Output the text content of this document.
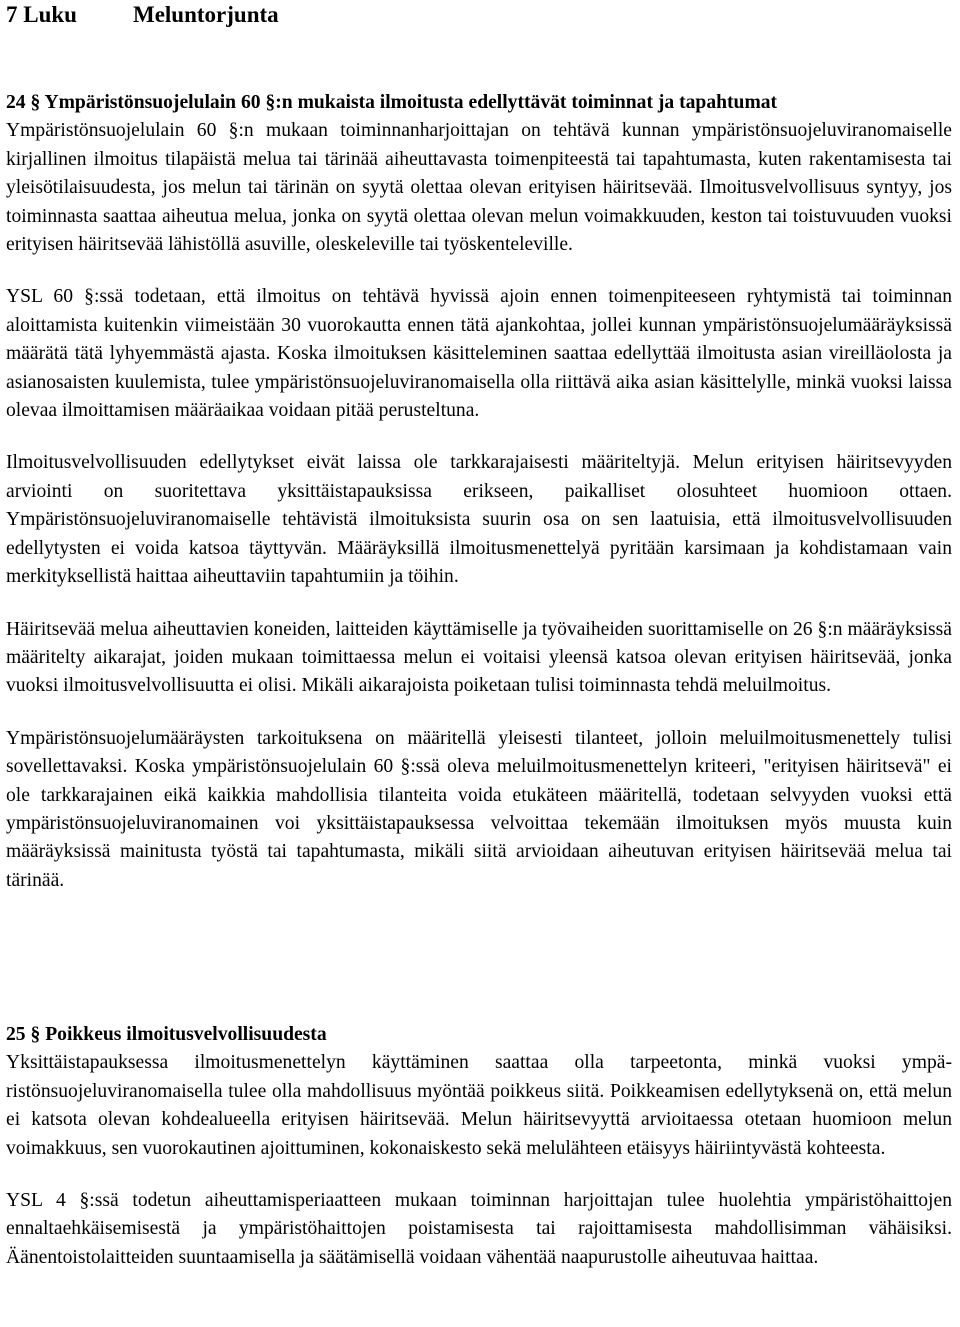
7 Luku Meluntorjunta
24 § Ympäristönsuojelulain 60 §:n mukaista ilmoitusta edellyttävät toiminnat ja tapahtumat

Ympäristönsuojelulain 60 §:n mukaan toiminnanharjoittajan on tehtävä kunnan ympäristönsuojeluviranomaiselle kirjallinen ilmoitus tilapäistä melua tai tärinää aiheuttavasta toimenpiteestä tai tapahtumasta, kuten rakentamisesta tai yleisötilaisuudesta, jos melun tai tärinän on syytä olettaa olevan erityisen häiritsevää. Ilmoitusvelvollisuus syntyy, jos toiminnasta saattaa aiheutua melua, jonka on syytä olettaa olevan melun voimakkuuden, keston tai toistuvuuden vuoksi erityisen häiritsevää lähistöllä asuville, oleskeleville tai työskenteleville.

YSL 60 §:ssä todetaan, että ilmoitus on tehtävä hyvissä ajoin ennen toimenpiteeseen ryhtymistä tai toiminnan aloittamista kuitenkin viimeistään 30 vuorokautta ennen tätä ajankohtaa, jollei kunnan ympäristönsuojelumääräyksissä määrätä tätä lyhyemmästä ajasta. Koska ilmoituksen käsitteleminen saattaa edellyttää ilmoitusta asian vireilläolosta ja asianosaisten kuulemista, tulee ympäristönsuojeluviranomaisella olla riittävä aika asian käsittelylle, minkä vuoksi laissa olevaa ilmoittamisen määräaikaa voidaan pitää perusteltuna.

Ilmoitusvelvollisuuden edellytykset eivät laissa ole tarkkarajaisesti määriteltyjä. Melun erityisen häiritsevyyden arviointi on suoritettava yksittäistapauksissa erikseen, paikalliset olosuhteet huomioon ottaen. Ympäristönsuojeluviranomaiselle tehtävistä ilmoituksista suurin osa on sen laatuisia, että ilmoitusvelvollisuuden edellytysten ei voida katsoa täyttyvän. Määräyksillä ilmoitusmenettelyä pyritään karsimaan ja kohdistamaan vain merkityksellistä haittaa aiheuttaviin tapahtumiin ja töihin.

Häiritsevää melua aiheuttavien koneiden, laitteiden käyttämiselle ja työvaiheiden suorittamiselle on 26 §:n määräyksissä määritelty aikarajat, joiden mukaan toimittaessa melun ei voitaisi yleensä katsoa olevan erityisen häiritsevää, jonka vuoksi ilmoitusvelvollisuutta ei olisi. Mikäli aikarajoista poiketaan tulisi toiminnasta tehdä meluilmoitus.

Ympäristönsuojelumääräysten tarkoituksena on määritellä yleisesti tilanteet, jolloin meluilmoitusmenettely tulisi sovellettavaksi. Koska ympäristönsuojelulain 60 §:ssä oleva meluilmoitusmenettelyn kriteeri, "erityisen häiritsevä" ei ole tarkkarajainen eikä kaikkia mahdollisia tilanteita voida etukäteen määritellä, todetaan selvyyden vuoksi että ympäristönsuojeluviranomainen voi yksittäistapauksessa velvoittaa tekemään ilmoituksen myös muusta kuin määräyksissä mainitusta työstä tai tapahtumasta, mikäli siitä arvioidaan aiheutuvan erityisen häiritsevää melua tai tärinää.

25 § Poikkeus ilmoitusvelvollisuudesta

Yksittäistapauksessa ilmoitusmenettelyn käyttäminen saattaa olla tarpeetonta, minkä vuoksi ympäristönsuojeluviranomaisella tulee olla mahdollisuus myöntää poikkeus siitä. Poikkeamisen edellytyksenä on, että melun ei katsota olevan kohdealueella erityisen häiritsevää. Melun häiritsevyyttä arvioitaessa otetaan huomioon melun voimakkuus, sen vuorokautinen ajoittuminen, kokonaiskesto sekä melulähteen etäisyys häiriintyvästä kohteesta.

YSL 4 §:ssä todetun aiheuttamisperiaatteen mukaan toiminnan harjoittajan tulee huolehtia ympäristöhaittojen ennaltaehkäisemisestä ja ympäristöhaittojen poistamisesta tai rajoittamisesta mahdollisimman vähäisiksi. Äänentoistolaitteiden suuntaamisella ja säätämisellä voidaan vähentää naapurustolle aiheutuvaa haittaa.
